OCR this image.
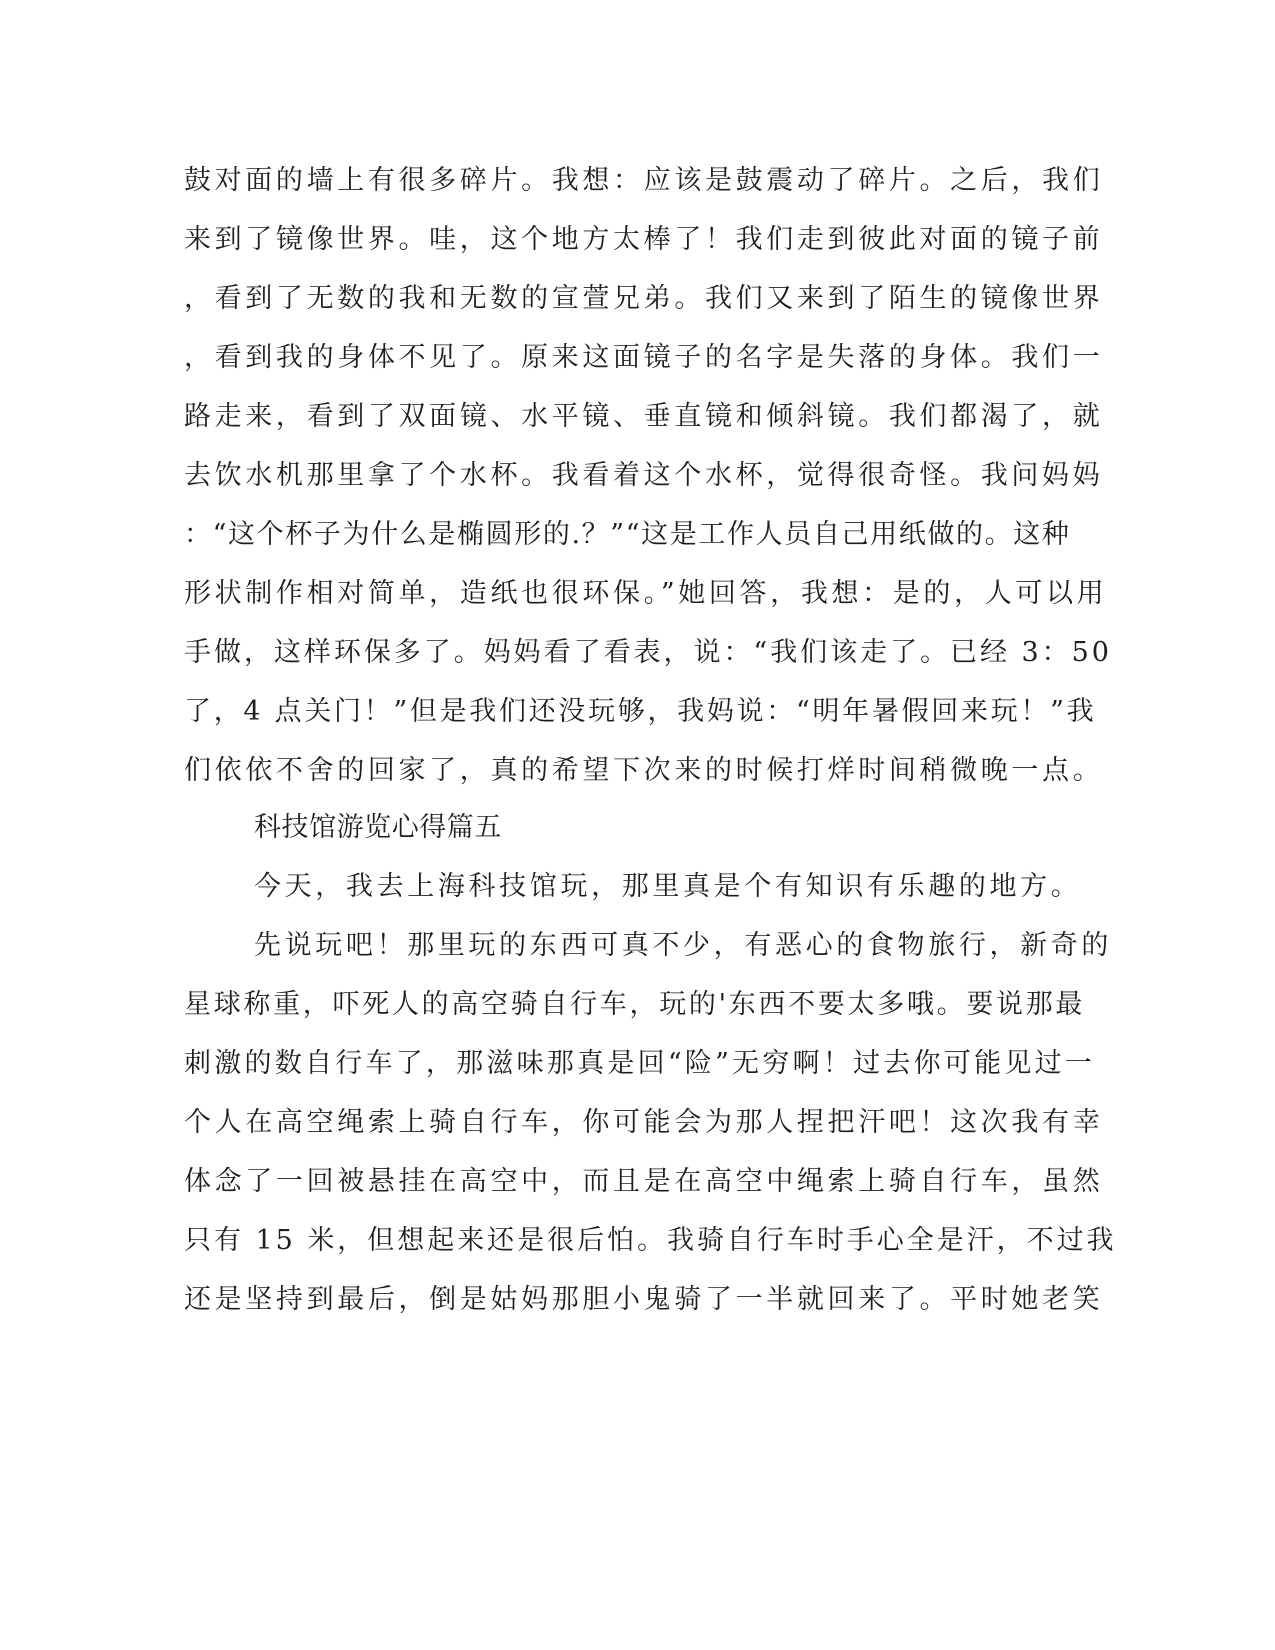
鼓对面的墙上有很多碎片。我想：应该是鼓震动了碎片。之后，我们
来到了镜像世界。哇，这个地方太棒了！我们走到彼此对面的镜子前
，看到了无数的我和无数的宣萱兄弟。我们又来到了陌生的镜像世界
，看到我的身体不见了。原来这面镜子的名字是失落的身体。我们一
路走来，看到了双面镜、水平镜、垂直镜和倾斜镜。我们都渴了，就
去饮水机那里拿了个水杯。我看着这个水杯，觉得很奇怪。我问妈妈
：“这个杯子为什么是椭圆形的.？”“这是工作人员自己用纸做的。这种
形状制作相对简单，造纸也很环保。”她回答，我想：是的，人可以用
手做，这样环保多了。妈妈看了看表，说：“我们该走了。已经 3：50
了，4 点关门！”但是我们还没玩够，我妈说：“明年暑假回来玩！”我
们依依不舍的回家了，真的希望下次来的时候打烊时间稍微晚一点。
科技馆游览心得篇五
今天，我去上海科技馆玩，那里真是个有知识有乐趣的地方。
先说玩吧！那里玩的东西可真不少，有恶心的食物旅行，新奇的
星球称重，吓死人的高空骑自行车，玩的'东西不要太多哦。要说那最
刺激的数自行车了，那滋味那真是回“险”无穷啊！过去你可能见过一
个人在高空绳索上骑自行车，你可能会为那人捏把汗吧！这次我有幸
体念了一回被悬挂在高空中，而且是在高空中绳索上骑自行车，虽然
只有 15 米，但想起来还是很后怕。我骑自行车时手心全是汗，不过我
还是坚持到最后，倒是姑妈那胆小鬼骑了一半就回来了。平时她老笑
